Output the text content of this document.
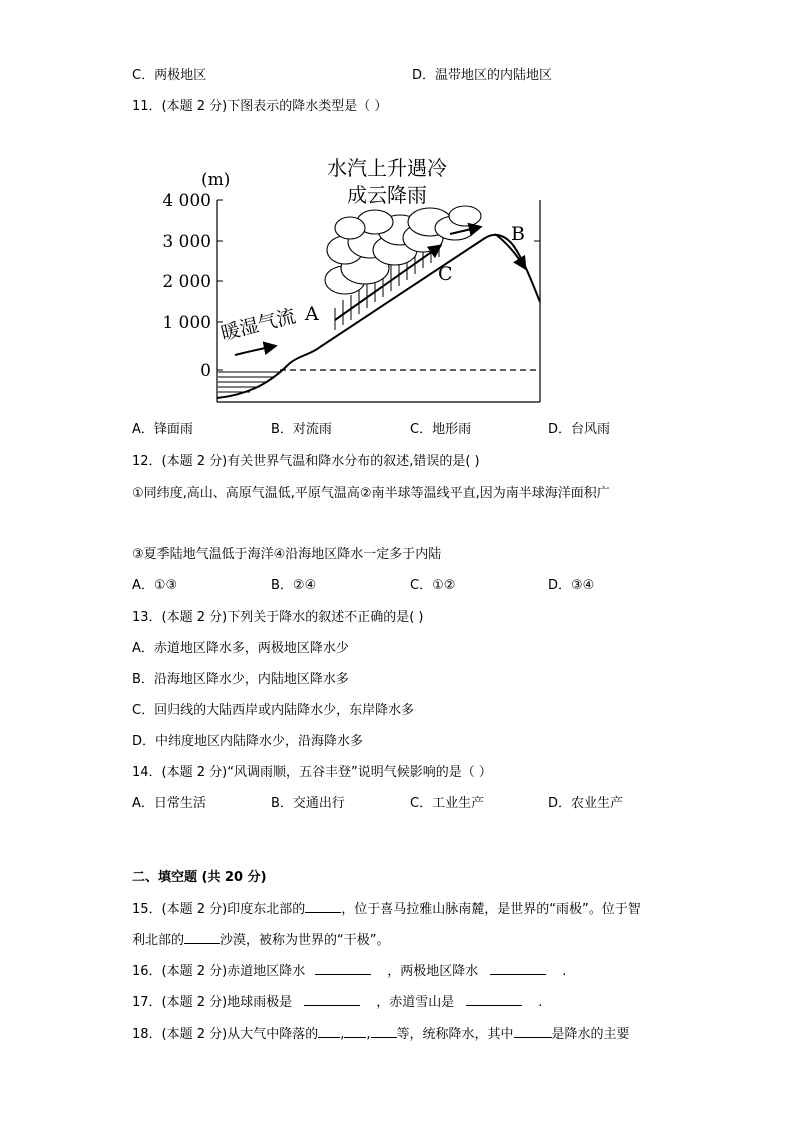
C．两极地区	D．温带地区的内陆地区
11．(本题 2 分)下图表示的降水类型是（ ）
4 000
3 000
2 000
1 000
0
(m)	水汽上升遇冷
成云降雨
暖湿气流 A
B
C
A．锋面雨	B．对流雨	C．地形雨	D．台风雨
12．(本题 2 分)有关世界气温和降水分布的叙述,错误的是( )
①同纬度,高山、高原气温低,平原气温高②南半球等温线平直,因为南半球海洋面积广
③夏季陆地气温低于海洋④沿海地区降水一定多于内陆
A．①③	B．②④	C．①②	D．③④
13．(本题 2 分)下列关于降水的叙述不正确的是( )
A．赤道地区降水多，两极地区降水少
B．沿海地区降水少，内陆地区降水多
C．回归线的大陆西岸或内陆降水少，东岸降水多
D．中纬度地区内陆降水少，沿海降水多
14．(本题 2 分)“风调雨顺，五谷丰登”说明气候影响的是（ ）
A．日常生活	B．交通出行	C．工业生产	D．农业生产
二、填空题 (共 20 分)
15．(本题 2 分)印度东北部的	，位于喜马拉雅山脉南麓，是世界的“雨极”。位于智
利北部的	沙漠，被称为世界的“干极”。
16．(本题 2 分)赤道地区降水	，两极地区降水	.
17．(本题 2 分)地球雨极是	，赤道雪山是	.
18．(本题 2 分)从大气中降落的 , , 等，统称降水，其中	是降水的主要
